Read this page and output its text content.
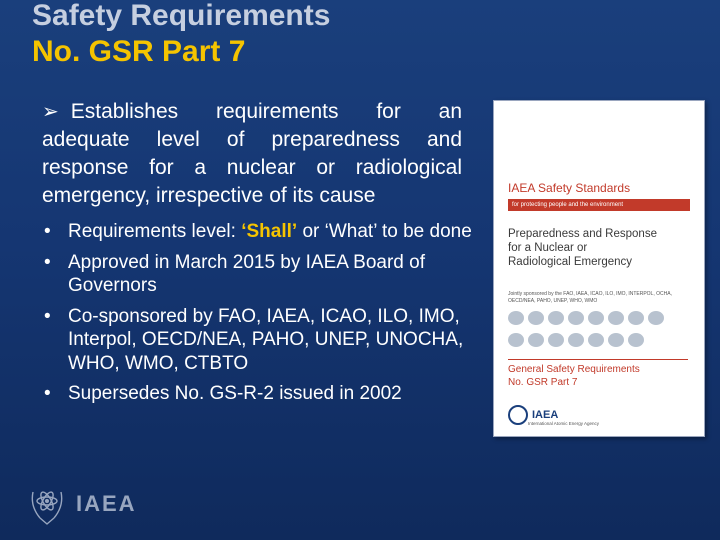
Safety Requirements
No. GSR Part 7
➢ Establishes requirements for an
adequate level of preparedness and
response for a nuclear or radiological
emergency, irrespective of its cause
• Requirements level: ‘Shall’ or ‘What’ to be done
• Approved in March 2015 by IAEA Board of Governors
• Co-sponsored by FAO, IAEA, ICAO, ILO, IMO, Interpol, OECD/NEA, PAHO, UNEP, UNOCHA, WHO, WMO, CTBTO
• Supersedes No. GS-R-2 issued in 2002
IAEA Safety Standards
for protecting people and the environment
Preparedness and Response
for a Nuclear or
Radiological Emergency
Jointly sponsored by the FAO, IAEA, ICAO, ILO, IMO, INTERPOL, OCHA, OECD/NEA, PAHO, UNEP, WHO, WMO
General Safety Requirements
No. GSR Part 7
IAEA
International Atomic Energy Agency
IAEA
